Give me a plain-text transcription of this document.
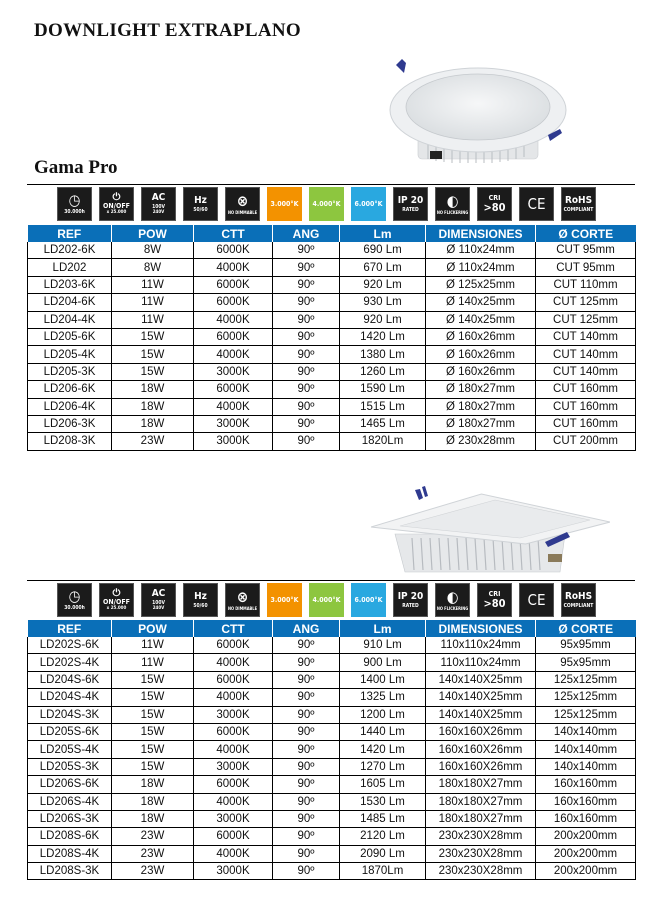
DOWNLIGHT EXTRAPLANO
Gama Pro
◷
30.000h
⏻
ON/OFF
x 25.000
AC
100V
240V
Hz
50/60 ⊗
NO DIMMABLE
3.000°K 4.000°K 6.000°K IP 20
RATED ◐
NO FLICKERING
CRI
>80 CE RoHS
COMPLIANT
REF	POW	CTT	ANG	Lm	DIMENSIONES	Ø CORTE
LD202-6K	8W	6000K	90º	690 Lm	Ø 110x24mm	CUT 95mm
LD202	8W	4000K	90º	670 Lm	Ø 110x24mm	CUT 95mm
LD203-6K	11W	6000K	90º	920 Lm	Ø 125x25mm	CUT 110mm
LD204-6K	11W	6000K	90º	930 Lm	Ø 140x25mm	CUT 125mm
LD204-4K	11W	4000K	90º	920 Lm	Ø 140x25mm	CUT 125mm
LD205-6K	15W	6000K	90º	1420 Lm	Ø 160x26mm	CUT 140mm
LD205-4K	15W	4000K	90º	1380 Lm	Ø 160x26mm	CUT 140mm
LD205-3K	15W	3000K	90º	1260 Lm	Ø 160x26mm	CUT 140mm
LD206-6K	18W	6000K	90º	1590 Lm	Ø 180x27mm	CUT 160mm
LD206-4K	18W	4000K	90º	1515 Lm	Ø 180x27mm	CUT 160mm
LD206-3K	18W	3000K	90º	1465 Lm	Ø 180x27mm	CUT 160mm
LD208-3K	23W	3000K	90º	1820Lm	Ø 230x28mm	CUT 200mm
◷
30.000h
⏻
ON/OFF
x 25.000
AC
100V
240V
Hz
50/60 ⊗
NO DIMMABLE
3.000°K 4.000°K 6.000°K IP 20
RATED ◐
NO FLICKERING
CRI
>80 CE RoHS
COMPLIANT
REF	POW	CTT	ANG	Lm	DIMENSIONES	Ø CORTE
LD202S-6K	11W	6000K	90º	910 Lm	110x110x24mm	95x95mm
LD202S-4K	11W	4000K	90º	900 Lm	110x110x24mm	95x95mm
LD204S-6K	15W	6000K	90º	1400 Lm	140x140X25mm	125x125mm
LD204S-4K	15W	4000K	90º	1325 Lm	140x140X25mm	125x125mm
LD204S-3K	15W	3000K	90º	1200 Lm	140x140X25mm	125x125mm
LD205S-6K	15W	6000K	90º	1440 Lm	160x160X26mm	140x140mm
LD205S-4K	15W	4000K	90º	1420 Lm	160x160X26mm	140x140mm
LD205S-3K	15W	3000K	90º	1270 Lm	160x160X26mm	140x140mm
LD206S-6K	18W	6000K	90º	1605 Lm	180x180X27mm	160x160mm
LD206S-4K	18W	4000K	90º	1530 Lm	180x180X27mm	160x160mm
LD206S-3K	18W	3000K	90º	1485 Lm	180x180X27mm	160x160mm
LD208S-6K	23W	6000K	90º	2120 Lm	230x230X28mm	200x200mm
LD208S-4K	23W	4000K	90º	2090 Lm	230x230X28mm	200x200mm
LD208S-3K	23W	3000K	90º	1870Lm	230x230X28mm	200x200mm
